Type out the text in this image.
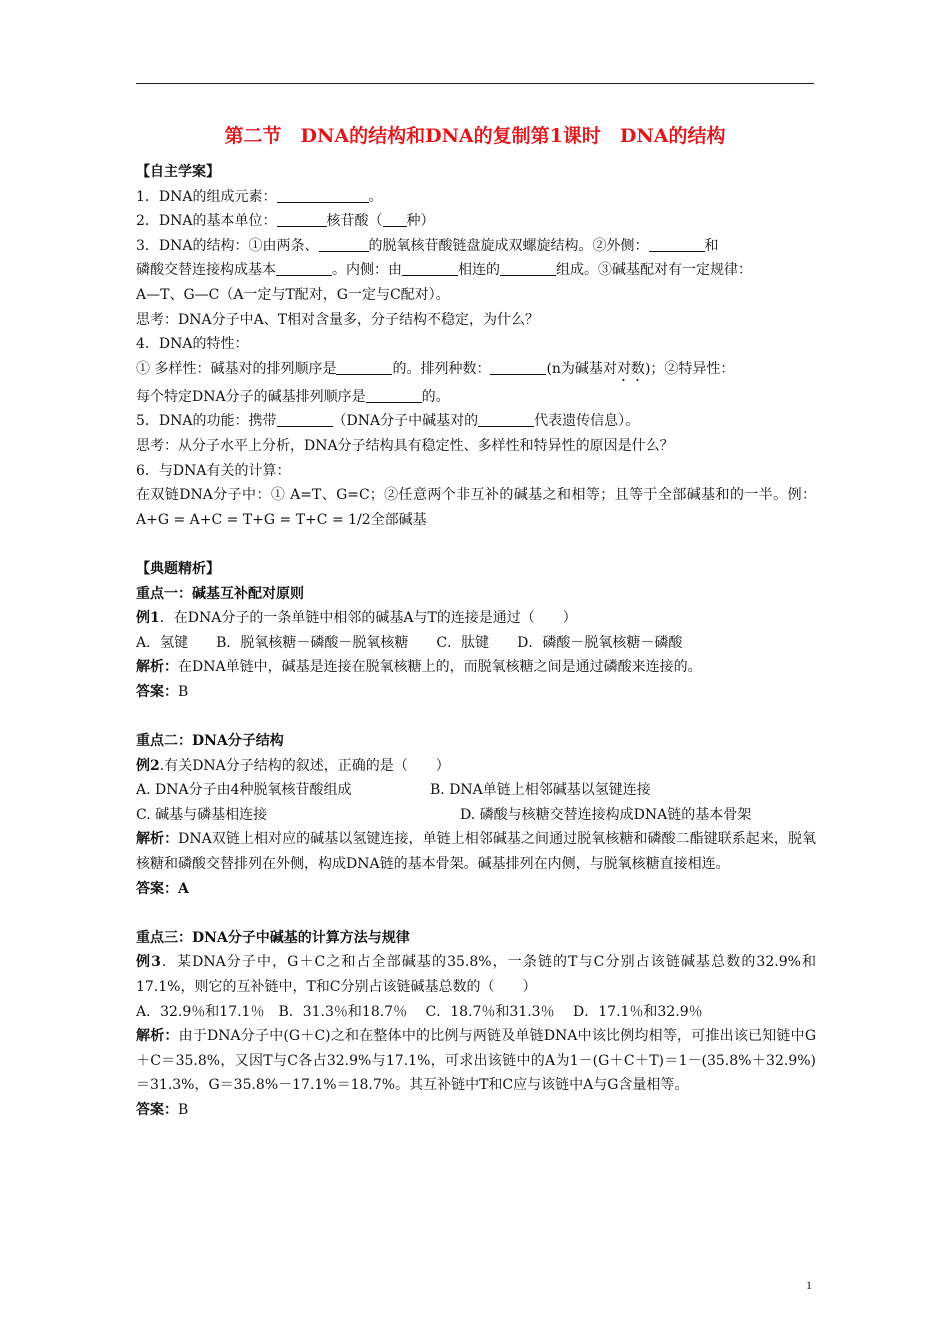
第二节　DNA的结构和DNA的复制第1课时　DNA的结构
【自主学案】
1．DNA的组成元素：	。
2．DNA的基本单位：	核苷酸（ 种）
3．DNA的结构：①由两条、	的脱氧核苷酸链盘旋成双螺旋结构。②外侧：	和
磷酸交替连接构成基本	。内侧：由	相连的	组成。③碱基配对有一定规律：
A—T、G—C（A一定与T配对，G一定与C配对）。
思考：DNA分子中A、T相对含量多，分子结构不稳定，为什么？
4．DNA的特性：
① 多样性：碱基对的排列顺序是	的。排列种数：	(n为碱基对对数)；②特异性：
每个特定DNA分子的碱基排列顺序是	的。
5．DNA的功能：携带	（DNA分子中碱基对的	代表遗传信息）。
思考：从分子水平上分析，DNA分子结构具有稳定性、多样性和特异性的原因是什么？
6．与DNA有关的计算：
在双链DNA分子中：① A=T、G=C；②任意两个非互补的碱基之和相等；且等于全部碱基和的一半。例：A+G = A+C = T+G = T+C = 1/2全部碱基
【典题精析】
重点一：碱基互补配对原则
例1．在DNA分子的一条单链中相邻的碱基A与T的连接是通过（　　）
A．氢键　　B．脱氧核糖－磷酸－脱氧核糖　　C．肽键　　D．磷酸－脱氧核糖－磷酸
解析：在DNA单链中，碱基是连接在脱氧核糖上的，而脱氧核糖之间是通过磷酸来连接的。
答案：B
重点二：DNA分子结构
例2.有关DNA分子结构的叙述，正确的是（　　）
A. DNA分子由4种脱氧核苷酸组成	B. DNA单链上相邻碱基以氢键连接
C. 碱基与磷基相连接	D. 磷酸与核糖交替连接构成DNA链的基本骨架
解析：DNA双链上相对应的碱基以氢键连接，单链上相邻碱基之间通过脱氧核糖和磷酸二酯键联系起来，脱氧核糖和磷酸交替排列在外侧，构成DNA链的基本骨架。碱基排列在内侧，与脱氧核糖直接相连。
答案：A
重点三：DNA分子中碱基的计算方法与规律
例3．某DNA分子中，G＋C之和占全部碱基的35.8%，一条链的T与C分别占该链碱基总数的32.9%和17.1%，则它的互补链中，T和C分别占该链碱基总数的（　　）
A．32.9％和17.1％　B．31.3％和18.7％　 C．18.7％和31.3％　 D．17.1％和32.9％
解析：由于DNA分子中(G＋C)之和在整体中的比例与两链及单链DNA中该比例均相等，可推出该已知链中G＋C＝35.8%，又因T与C各占32.9%与17.1%，可求出该链中的A为1－(G＋C＋T)＝1－(35.8%＋32.9%)＝31.3%，G＝35.8%－17.1%＝18.7%。其互补链中T和C应与该链中A与G含量相等。
答案：B
1
